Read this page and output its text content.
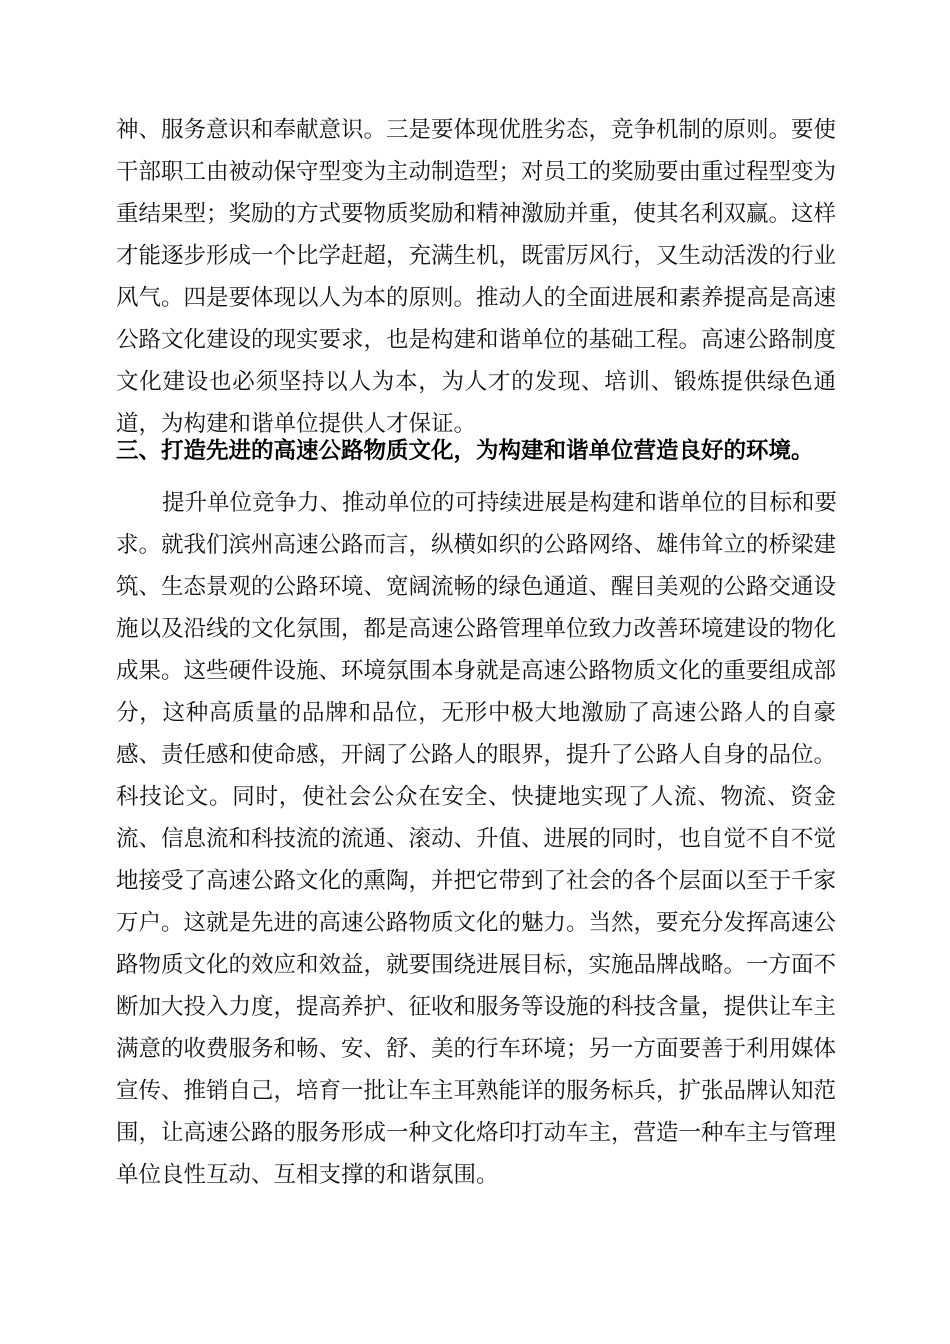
神、服务意识和奉献意识。三是要体现优胜劣态，竞争机制的原则。要使
干部职工由被动保守型变为主动制造型；对员工的奖励要由重过程型变为
重结果型；奖励的方式要物质奖励和精神激励并重，使其名利双赢。这样
才能逐步形成一个比学赶超，充满生机，既雷厉风行，又生动活泼的行业
风气。四是要体现以人为本的原则。推动人的全面进展和素养提高是高速
公路文化建设的现实要求，也是构建和谐单位的基础工程。高速公路制度
文化建设也必须坚持以人为本，为人才的发现、培训、锻炼提供绿色通
道，为构建和谐单位提供人才保证。
三、打造先进的高速公路物质文化，为构建和谐单位营造良好的环境。
提升单位竞争力、推动单位的可持续进展是构建和谐单位的目标和要
求。就我们滨州高速公路而言，纵横如织的公路网络、雄伟耸立的桥梁建
筑、生态景观的公路环境、宽阔流畅的绿色通道、醒目美观的公路交通设
施以及沿线的文化氛围，都是高速公路管理单位致力改善环境建设的物化
成果。这些硬件设施、环境氛围本身就是高速公路物质文化的重要组成部
分，这种高质量的品牌和品位，无形中极大地激励了高速公路人的自豪
感、责任感和使命感，开阔了公路人的眼界，提升了公路人自身的品位。
科技论文。同时，使社会公众在安全、快捷地实现了人流、物流、资金
流、信息流和科技流的流通、滚动、升值、进展的同时，也自觉不自不觉
地接受了高速公路文化的熏陶，并把它带到了社会的各个层面以至于千家
万户。这就是先进的高速公路物质文化的魅力。当然，要充分发挥高速公
路物质文化的效应和效益，就要围绕进展目标，实施品牌战略。一方面不
断加大投入力度，提高养护、征收和服务等设施的科技含量，提供让车主
满意的收费服务和畅、安、舒、美的行车环境；另一方面要善于利用媒体
宣传、推销自己，培育一批让车主耳熟能详的服务标兵，扩张品牌认知范
围，让高速公路的服务形成一种文化烙印打动车主，营造一种车主与管理
单位良性互动、互相支撑的和谐氛围。
